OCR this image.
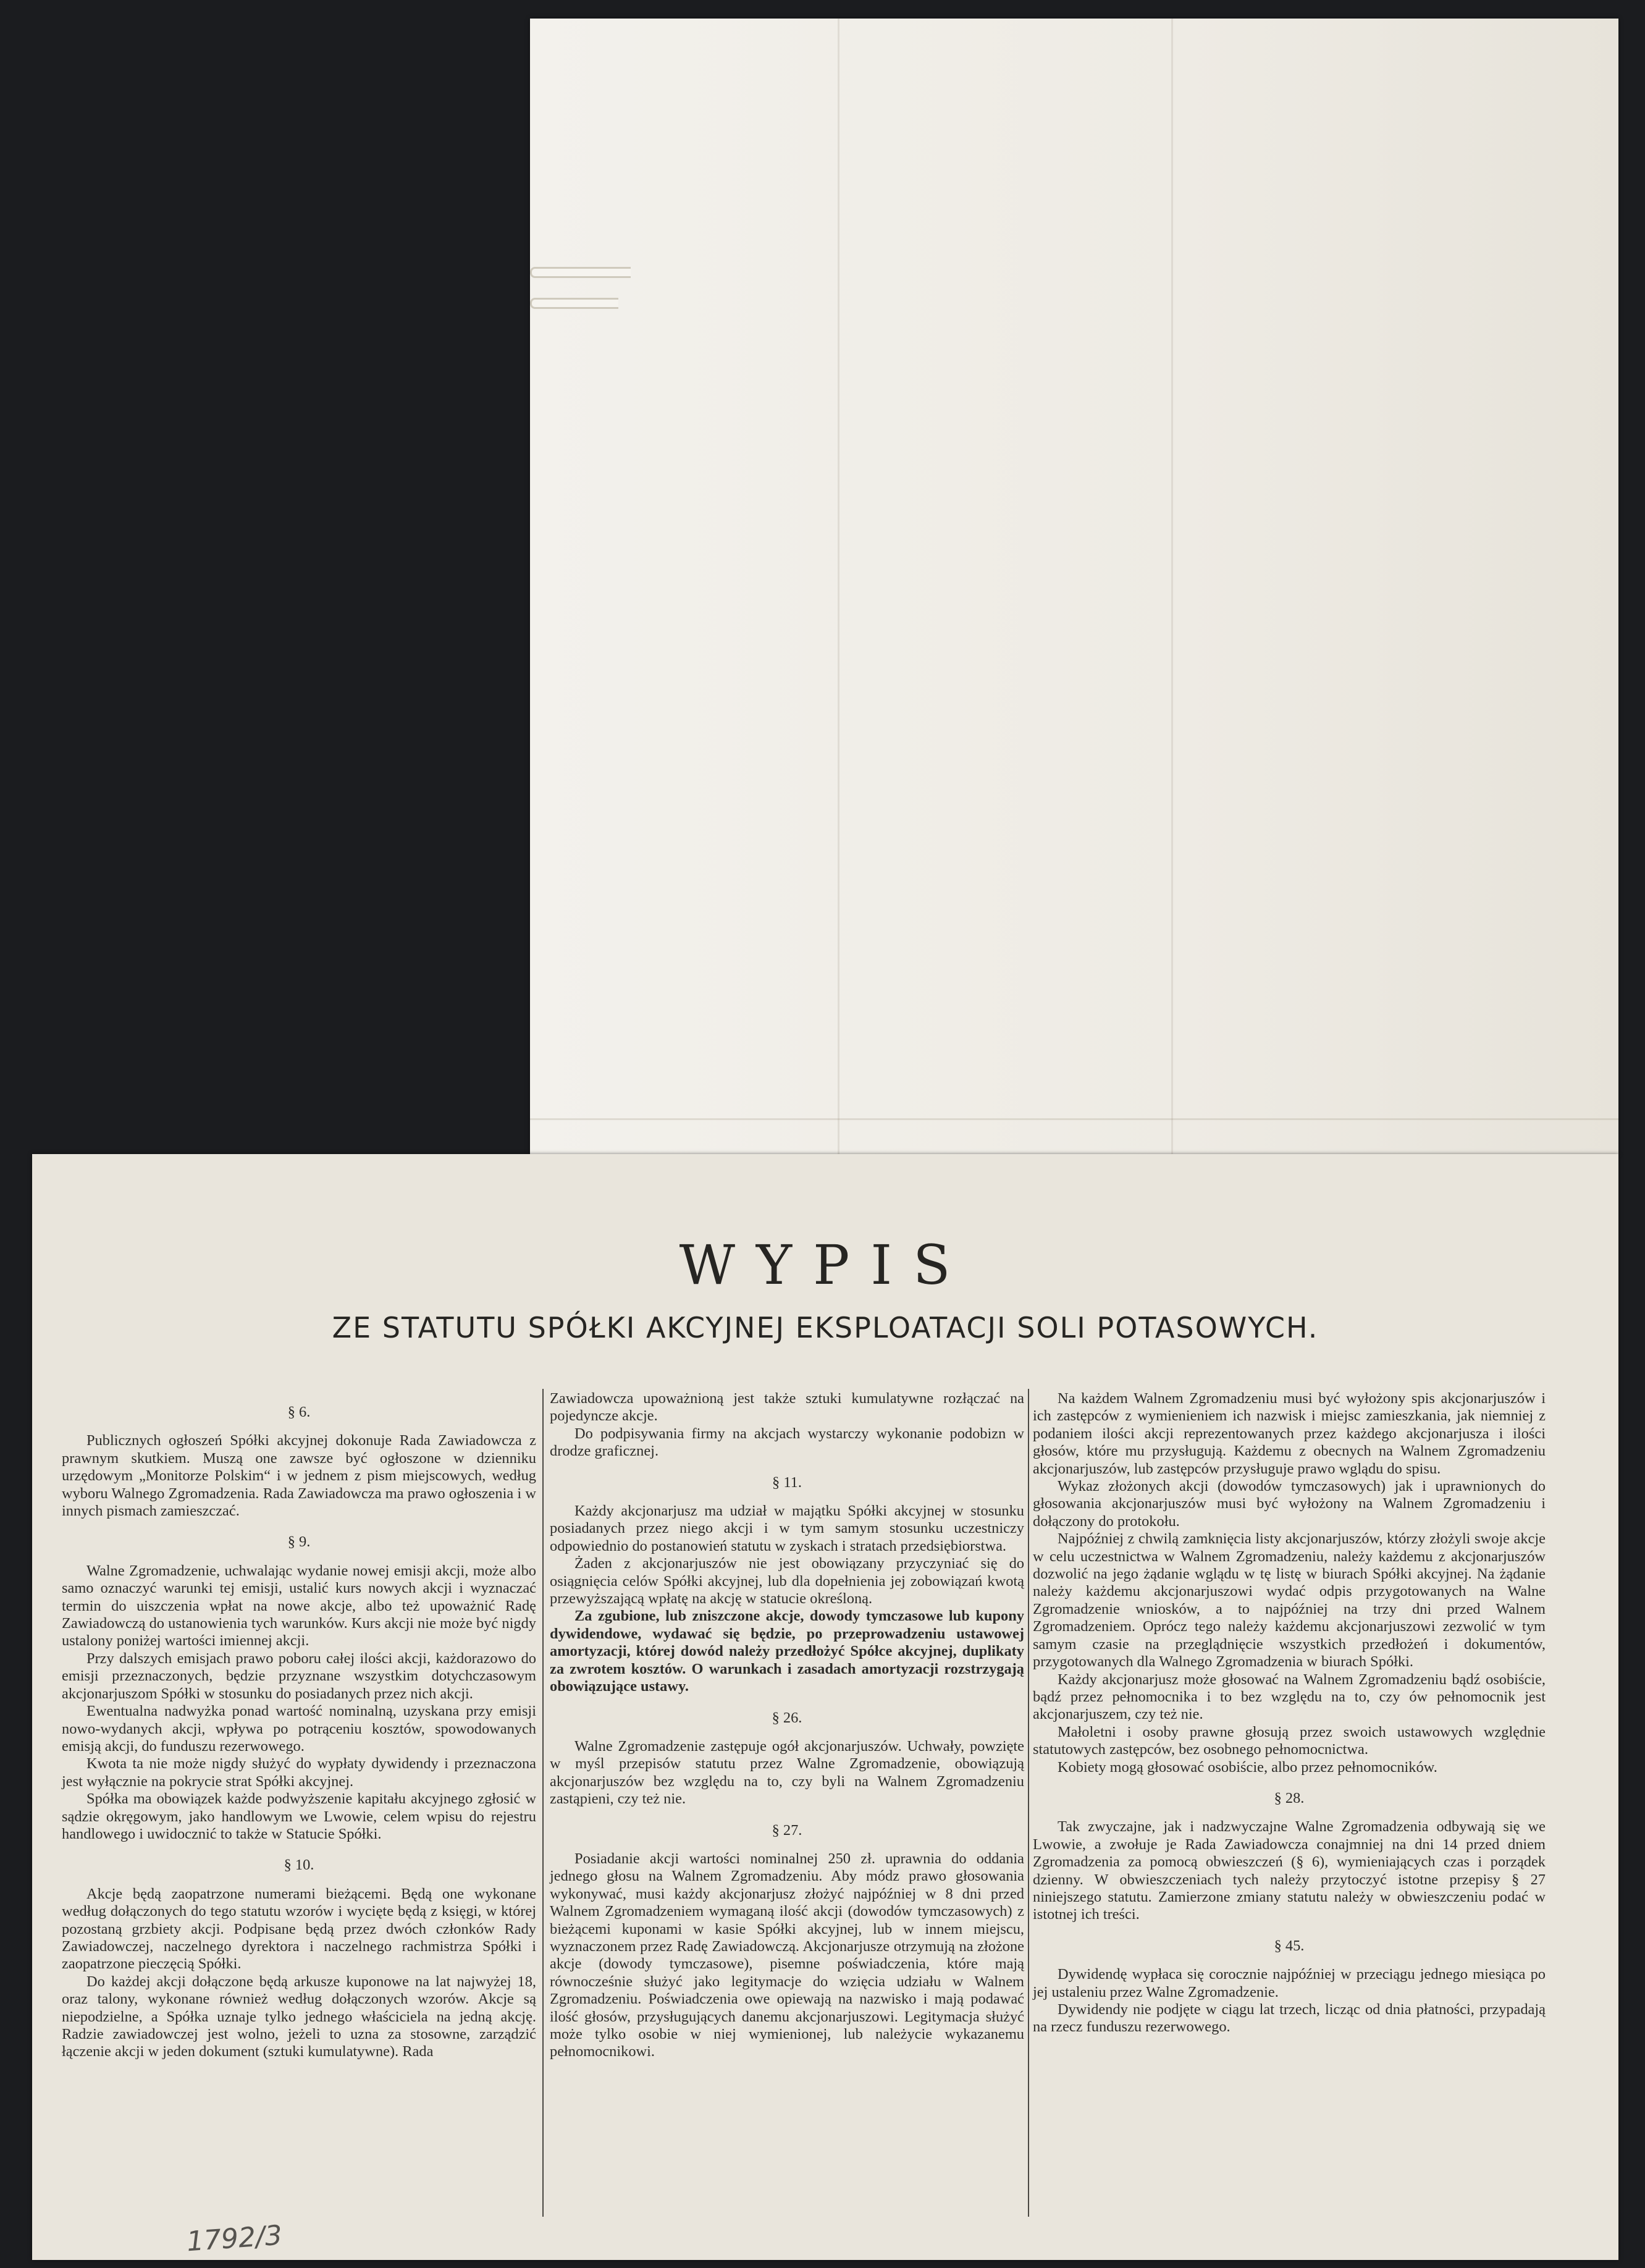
WYPIS
ZE STATUTU SPÓŁKI AKCYJNEJ EKSPLOATACJI SOLI POTASOWYCH.

§ 6.

Publicznych ogłoszeń Spółki akcyjnej dokonuje Rada Zawiadowcza z prawnym skutkiem. Muszą one zawsze być ogłoszone w dzienniku urzędowym „Monitorze Polskim“ i w jednem z pism miejscowych, według wyboru Walnego Zgromadzenia. Rada Zawiadowcza ma prawo ogłoszenia i w innych pismach zamieszczać.

§ 9.

Walne Zgromadzenie, uchwalając wydanie nowej emisji akcji, może albo samo oznaczyć warunki tej emisji, ustalić kurs nowych akcji i wyznaczać termin do uiszczenia wpłat na nowe akcje, albo też upoważnić Radę Zawiadowczą do ustanowienia tych warunków. Kurs akcji nie może być nigdy ustalony poniżej wartości imiennej akcji.

Przy dalszych emisjach prawo poboru całej ilości akcji, każdorazowo do emisji przeznaczonych, będzie przyznane wszystkim dotychczasowym akcjonarjuszom Spółki w stosunku do posiadanych przez nich akcji.

Ewentualna nadwyżka ponad wartość nominalną, uzyskana przy emisji nowo-wydanych akcji, wpływa po potrąceniu kosztów, spowodowanych emisją akcji, do funduszu rezerwowego.

Kwota ta nie może nigdy służyć do wypłaty dywidendy i przeznaczona jest wyłącznie na pokrycie strat Spółki akcyjnej.

Spółka ma obowiązek każde podwyższenie kapitału akcyjnego zgłosić w sądzie okręgowym, jako handlowym we Lwowie, celem wpisu do rejestru handlowego i uwidocznić to także w Statucie Spółki.

§ 10.

Akcje będą zaopatrzone numerami bieżącemi. Będą one wykonane według dołączonych do tego statutu wzorów i wycięte będą z księgi, w której pozostaną grzbiety akcji. Podpisane będą przez dwóch członków Rady Zawiadowczej, naczelnego dyrektora i naczelnego rachmistrza Spółki i zaopatrzone pieczęcią Spółki.

Do każdej akcji dołączone będą arkusze kuponowe na lat najwyżej 18, oraz talony, wykonane również według dołączonych wzorów. Akcje są niepodzielne, a Spółka uznaje tylko jednego właściciela na jedną akcję. Radzie zawiadowczej jest wolno, jeżeli to uzna za stosowne, zarządzić łączenie akcji w jeden dokument (sztuki kumulatywne). Rada

Zawiadowcza upoważnioną jest także sztuki kumulatywne rozłączać na pojedyncze akcje.

Do podpisywania firmy na akcjach wystarczy wykonanie podobizn w drodze graficznej.

§ 11.

Każdy akcjonarjusz ma udział w majątku Spółki akcyjnej w stosunku posiadanych przez niego akcji i w tym samym stosunku uczestniczy odpowiednio do postanowień statutu w zyskach i stratach przedsiębiorstwa.

Żaden z akcjonarjuszów nie jest obowiązany przyczyniać się do osiągnięcia celów Spółki akcyjnej, lub dla dopełnienia jej zobowiązań kwotą przewyższającą wpłatę na akcję w statucie określoną.

Za zgubione, lub zniszczone akcje, dowody tymczasowe lub kupony dywidendowe, wydawać się będzie, po przeprowadzeniu ustawowej amortyzacji, której dowód należy przedłożyć Spółce akcyjnej, duplikaty za zwrotem kosztów. O warunkach i zasadach amortyzacji rozstrzygają obowiązujące ustawy.

§ 26.

Walne Zgromadzenie zastępuje ogół akcjonarjuszów. Uchwały, powzięte w myśl przepisów statutu przez Walne Zgromadzenie, obowiązują akcjonarjuszów bez względu na to, czy byli na Walnem Zgromadzeniu zastąpieni, czy też nie.

§ 27.

Posiadanie akcji wartości nominalnej 250 zł. uprawnia do oddania jednego głosu na Walnem Zgromadzeniu. Aby módz prawo głosowania wykonywać, musi każdy akcjonarjusz złożyć najpóźniej w 8 dni przed Walnem Zgromadzeniem wymaganą ilość akcji (dowodów tymczasowych) z bieżącemi kuponami w kasie Spółki akcyjnej, lub w innem miejscu, wyznaczonem przez Radę Zawiadowczą. Akcjonarjusze otrzymują na złożone akcje (dowody tymczasowe), pisemne poświadczenia, które mają równocześnie służyć jako legitymacje do wzięcia udziału w Walnem Zgromadzeniu. Poświadczenia owe opiewają na nazwisko i mają podawać ilość głosów, przysługujących danemu akcjonarjuszowi. Legitymacja służyć może tylko osobie w niej wymienionej, lub należycie wykazanemu pełnomocnikowi.

Na każdem Walnem Zgromadzeniu musi być wyłożony spis akcjonarjuszów i ich zastępców z wymienieniem ich nazwisk i miejsc zamieszkania, jak niemniej z podaniem ilości akcji reprezentowanych przez każdego akcjonarjusza i ilości głosów, które mu przysługują. Każdemu z obecnych na Walnem Zgromadzeniu akcjonarjuszów, lub zastępców przysługuje prawo wglądu do spisu.

Wykaz złożonych akcji (dowodów tymczasowych) jak i uprawnionych do głosowania akcjonarjuszów musi być wyłożony na Walnem Zgromadzeniu i dołączony do protokołu.

Najpóźniej z chwilą zamknięcia listy akcjonarjuszów, którzy złożyli swoje akcje w celu uczestnictwa w Walnem Zgromadzeniu, należy każdemu z akcjonarjuszów dozwolić na jego żądanie wglądu w tę listę w biurach Spółki akcyjnej. Na żądanie należy każdemu akcjonarjuszowi wydać odpis przygotowanych na Walne Zgromadzenie wniosków, a to najpóźniej na trzy dni przed Walnem Zgromadzeniem. Oprócz tego należy każdemu akcjonarjuszowi zezwolić w tym samym czasie na przeglądnięcie wszystkich przedłożeń i dokumentów, przygotowanych dla Walnego Zgromadzenia w biurach Spółki.

Każdy akcjonarjusz może głosować na Walnem Zgromadzeniu bądź osobiście, bądź przez pełnomocnika i to bez względu na to, czy ów pełnomocnik jest akcjonarjuszem, czy też nie.

Małoletni i osoby prawne głosują przez swoich ustawowych względnie statutowych zastępców, bez osobnego pełnomocnictwa.

Kobiety mogą głosować osobiście, albo przez pełnomocników.

§ 28.

Tak zwyczajne, jak i nadzwyczajne Walne Zgromadzenia odbywają się we Lwowie, a zwołuje je Rada Zawiadowcza conajmniej na dni 14 przed dniem Zgromadzenia za pomocą obwieszczeń (§ 6), wymieniających czas i porządek dzienny. W obwieszczeniach tych należy przytoczyć istotne przepisy § 27 niniejszego statutu. Zamierzone zmiany statutu należy w obwieszczeniu podać w istotnej ich treści.

§ 45.

Dywidendę wypłaca się corocznie najpóźniej w przeciągu jednego miesiąca po jej ustaleniu przez Walne Zgromadzenie.

Dywidendy nie podjęte w ciągu lat trzech, licząc od dnia płatności, przypadają na rzecz funduszu rezerwowego.

1792/3
